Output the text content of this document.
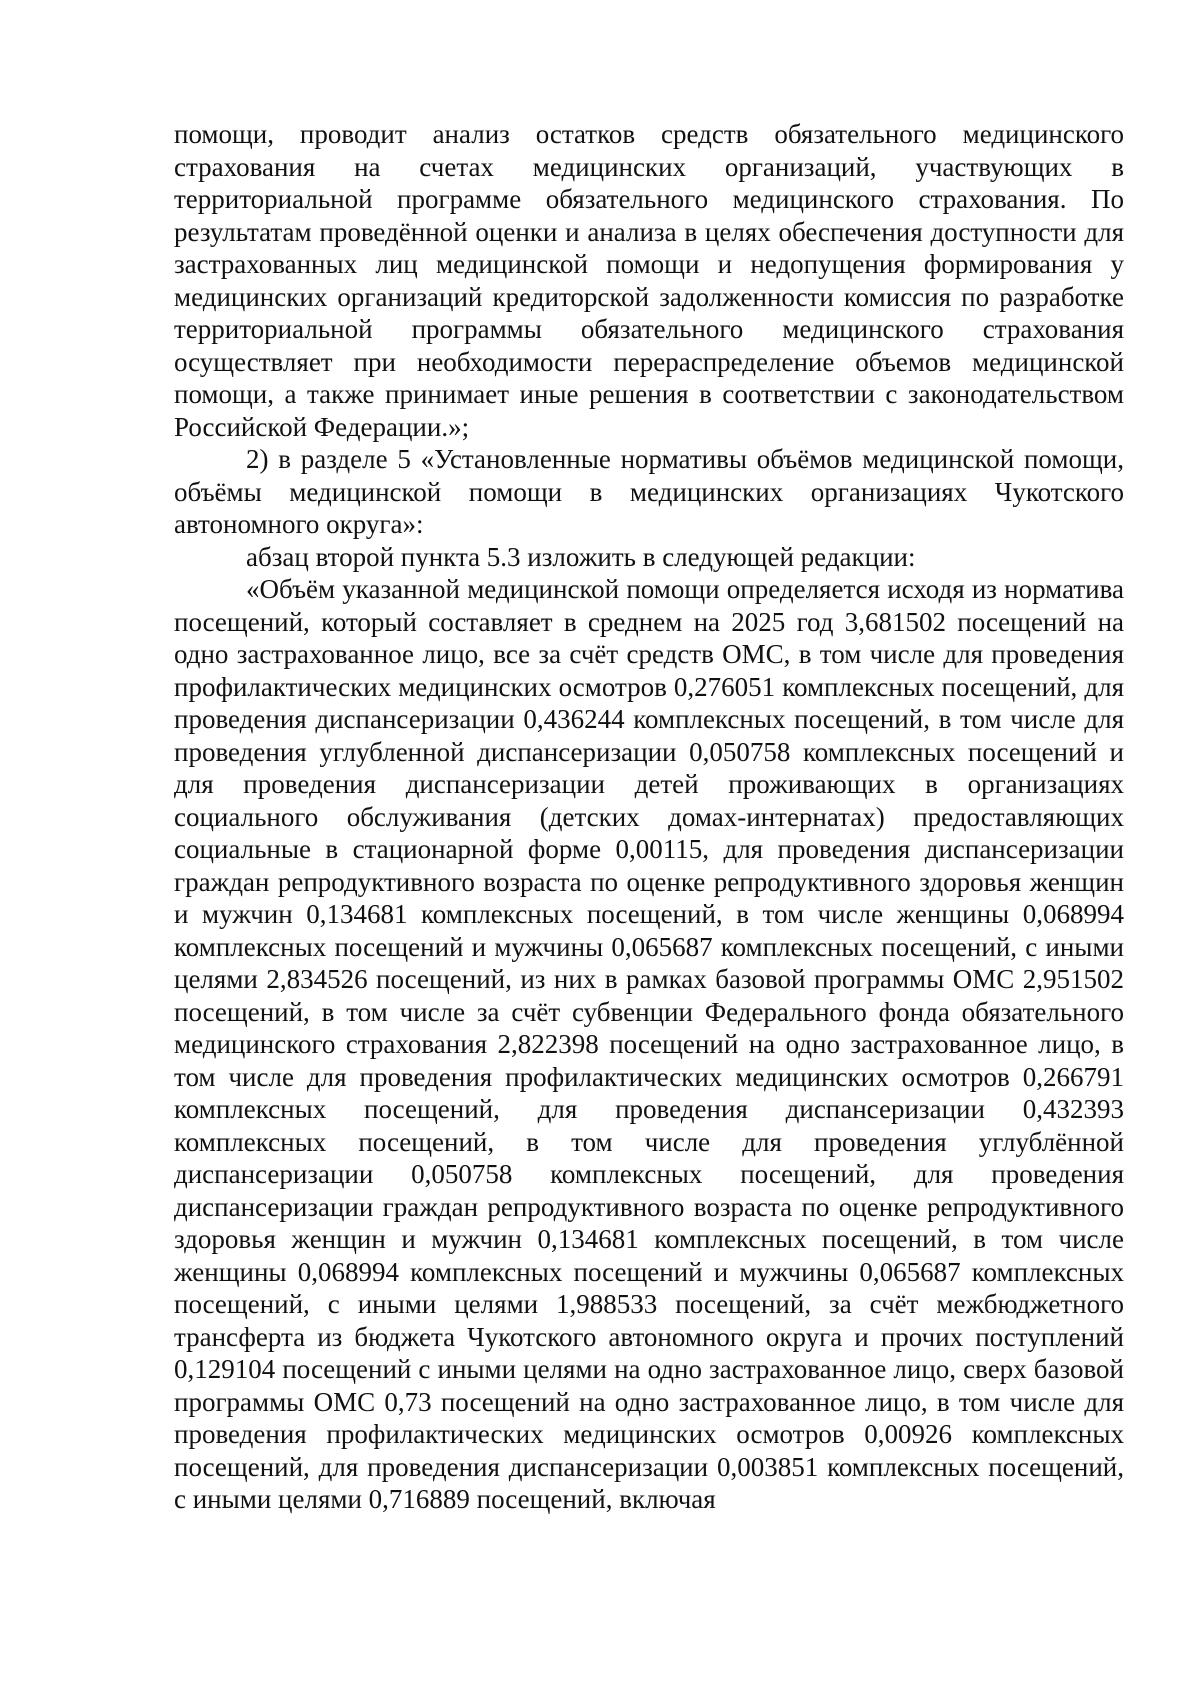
помощи, проводит анализ остатков средств обязательного медицинского страхования на счетах медицинских организаций, участвующих в территориальной программе обязательного медицинского страхования. По результатам проведённой оценки и анализа в целях обеспечения доступности для застрахованных лиц медицинской помощи и недопущения формирования у медицинских организаций кредиторской задолженности комиссия по разработке территориальной программы обязательного медицинского страхования осуществляет при необходимости перераспределение объемов медицинской помощи, а также принимает иные решения в соответствии с законодательством Российской Федерации.»;

2) в разделе 5 «Установленные нормативы объёмов медицинской помощи, объёмы медицинской помощи в медицинских организациях Чукотского автономного округа»:

абзац второй пункта 5.3 изложить в следующей редакции:

«Объём указанной медицинской помощи определяется исходя из норматива посещений, который составляет в среднем на 2025 год 3,681502 посещений на одно застрахованное лицо, все за счёт средств ОМС, в том числе для проведения профилактических медицинских осмотров 0,276051 комплексных посещений, для проведения диспансеризации 0,436244 комплексных посещений, в том числе для проведения углубленной диспансеризации 0,050758 комплексных посещений и для проведения диспансеризации детей проживающих в организациях социального обслуживания (детских домах-интернатах) предоставляющих социальные в стационарной форме 0,00115, для проведения диспансеризации граждан репродуктивного возраста по оценке репродуктивного здоровья женщин и мужчин 0,134681 комплексных посещений, в том числе женщины 0,068994 комплексных посещений и мужчины 0,065687 комплексных посещений, с иными целями 2,834526 посещений, из них в рамках базовой программы ОМС 2,951502 посещений, в том числе за счёт субвенции Федерального фонда обязательного медицинского страхования 2,822398 посещений на одно застрахованное лицо, в том числе для проведения профилактических медицинских осмотров 0,266791 комплексных посещений, для проведения диспансеризации 0,432393 комплексных посещений, в том числе для проведения углублённой диспансеризации 0,050758 комплексных посещений, для проведения диспансеризации граждан репродуктивного возраста по оценке репродуктивного здоровья женщин и мужчин 0,134681 комплексных посещений, в том числе женщины 0,068994 комплексных посещений и мужчины 0,065687 комплексных посещений, с иными целями 1,988533 посещений, за счёт межбюджетного трансферта из бюджета Чукотского автономного округа и прочих поступлений 0,129104 посещений с иными целями на одно застрахованное лицо, сверх базовой программы ОМС 0,73 посещений на одно застрахованное лицо, в том числе для проведения профилактических медицинских осмотров 0,00926 комплексных посещений, для проведения диспансеризации 0,003851 комплексных посещений, с иными целями 0,716889 посещений, включая
